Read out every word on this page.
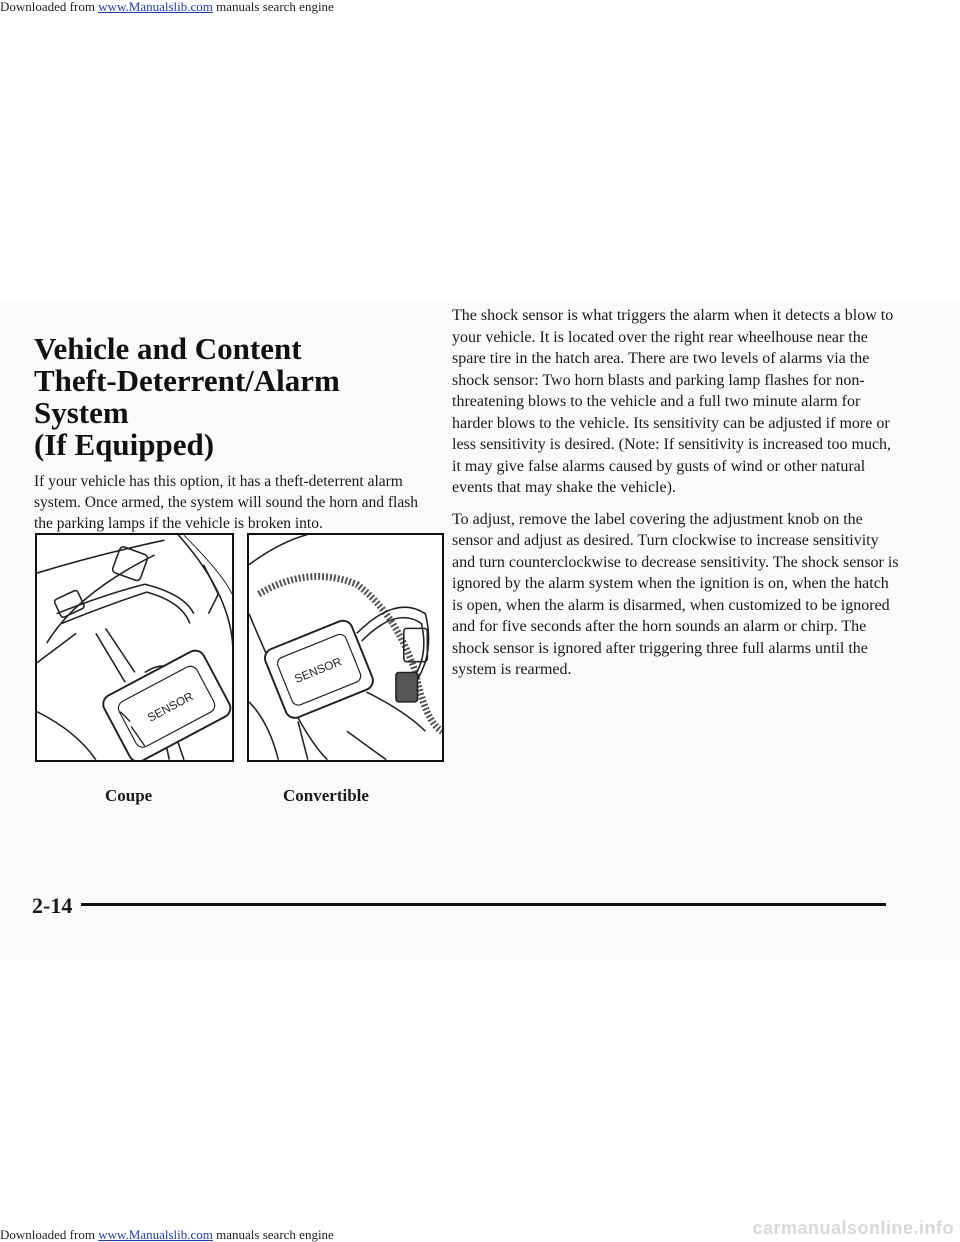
Downloaded from www.Manualslib.com manuals search engine
Vehicle and Content
Theft-Deterrent/Alarm System
(If Equipped)

If your vehicle has this option, it has a theft-deterrent alarm system. Once armed, the system will sound the horn and flash the parking lamps if the vehicle is broken into.

SENSOR
SENSOR
Coupe	Convertible

The shock sensor is what triggers the alarm when it detects a blow to your vehicle. It is located over the right rear wheelhouse near the spare tire in the hatch area. There are two levels of alarms via the shock sensor: Two horn blasts and parking lamp flashes for non-threatening blows to the vehicle and a full two minute alarm for harder blows to the vehicle. Its sensitivity can be adjusted if more or less sensitivity is desired. (Note: If sensitivity is increased too much, it may give false alarms caused by gusts of wind or other natural events that may shake the vehicle).

To adjust, remove the label covering the adjustment knob on the sensor and adjust as desired. Turn clockwise to increase sensitivity and turn counterclockwise to decrease sensitivity. The shock sensor is ignored by the alarm system when the ignition is on, when the hatch is open, when the alarm is disarmed, when customized to be ignored and for five seconds after the horn sounds an alarm or chirp. The shock sensor is ignored after triggering three full alarms until the system is rearmed.

2-14
Downloaded from www.Manualslib.com manuals search engine	carmanualsonline.info
